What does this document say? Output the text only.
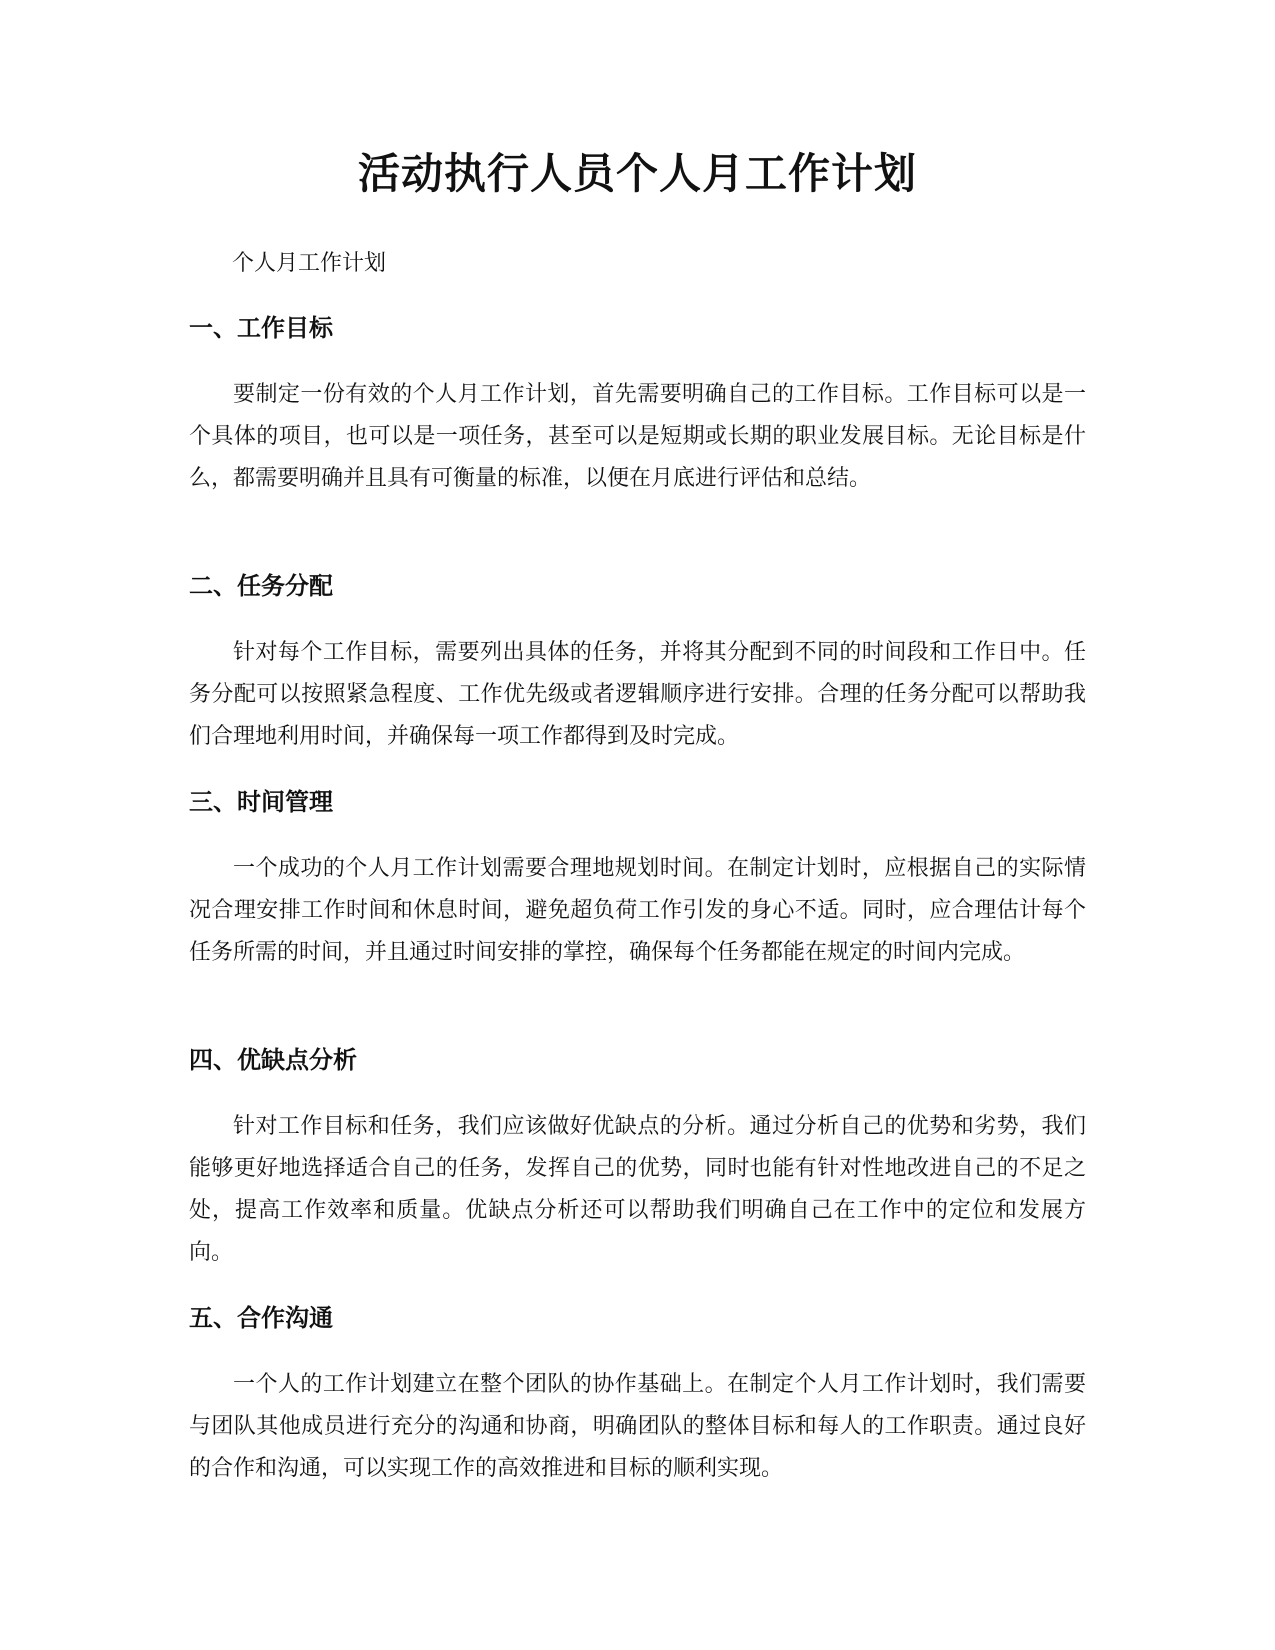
活动执行人员个人月工作计划

个人月工作计划

一、工作目标

要制定一份有效的个人月工作计划，首先需要明确自己的工作目标。工作目标可以是一个具体的项目，也可以是一项任务，甚至可以是短期或长期的职业发展目标。无论目标是什么，都需要明确并且具有可衡量的标准，以便在月底进行评估和总结。

二、任务分配

针对每个工作目标，需要列出具体的任务，并将其分配到不同的时间段和工作日中。任务分配可以按照紧急程度、工作优先级或者逻辑顺序进行安排。合理的任务分配可以帮助我们合理地利用时间，并确保每一项工作都得到及时完成。

三、时间管理

一个成功的个人月工作计划需要合理地规划时间。在制定计划时，应根据自己的实际情况合理安排工作时间和休息时间，避免超负荷工作引发的身心不适。同时，应合理估计每个任务所需的时间，并且通过时间安排的掌控，确保每个任务都能在规定的时间内完成。

四、优缺点分析

针对工作目标和任务，我们应该做好优缺点的分析。通过分析自己的优势和劣势，我们能够更好地选择适合自己的任务，发挥自己的优势，同时也能有针对性地改进自己的不足之处，提高工作效率和质量。优缺点分析还可以帮助我们明确自己在工作中的定位和发展方向。

五、合作沟通

一个人的工作计划建立在整个团队的协作基础上。在制定个人月工作计划时，我们需要与团队其他成员进行充分的沟通和协商，明确团队的整体目标和每人的工作职责。通过良好的合作和沟通，可以实现工作的高效推进和目标的顺利实现。
